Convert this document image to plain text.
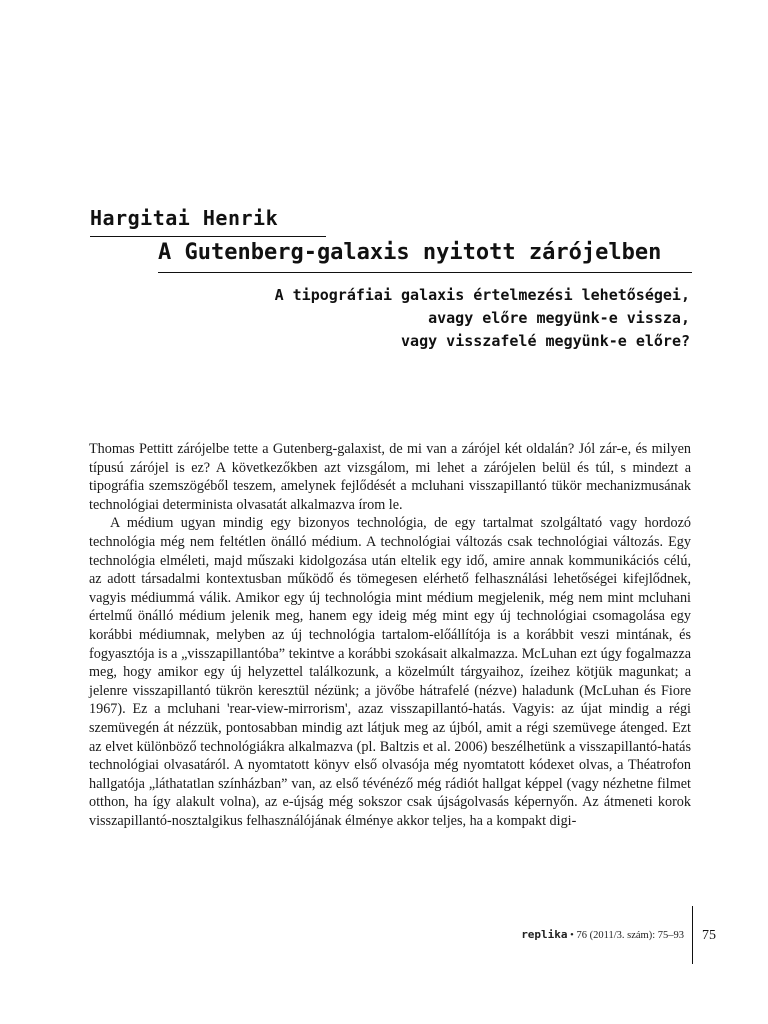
Hargitai Henrik
A Gutenberg-galaxis nyitott zárójelben
A tipográfiai galaxis értelmezési lehetőségei,
avagy előre megyünk-e vissza,
vagy visszafelé megyünk-e előre?

Thomas Pettitt zárójelbe tette a Gutenberg-galaxist, de mi van a zárójel két oldalán? Jól zár-e, és milyen típusú zárójel is ez? A következőkben azt vizsgálom, mi lehet a zárójelen belül és túl, s mindezt a tipográfia szemszögéből teszem, amelynek fejlődését a mcluhani visszapillantó tükör mechanizmusának technológiai determinista olvasatát alkalmazva írom le.

A médium ugyan mindig egy bizonyos technológia, de egy tartalmat szolgáltató vagy hordozó technológia még nem feltétlen önálló médium. A technológiai változás csak technológiai változás. Egy technológia elméleti, majd műszaki kidolgozása után eltelik egy idő, amire annak kommunikációs célú, az adott társadalmi kontextusban működő és tömegesen elérhető felhasználási lehetőségei kifejlődnek, vagyis médiummá válik. Amikor egy új technológia mint médium megjelenik, még nem mint mcluhani értelmű önálló médium jelenik meg, hanem egy ideig még mint egy új technológiai csomagolása egy korábbi médiumnak, melyben az új technológia tartalom-előállítója is a korábbit veszi mintának, és fogyasztója is a „visszapillantóba” tekintve a korábbi szokásait alkalmazza. McLuhan ezt úgy fogalmazza meg, hogy amikor egy új helyzettel találkozunk, a közelmúlt tárgyaihoz, ízeihez kötjük magunkat; a jelenre visszapillantó tükrön keresztül nézünk; a jövőbe hátrafelé (nézve) haladunk (McLuhan és Fiore 1967). Ez a mcluhani 'rear-view-mirrorism', azaz visszapillantó-hatás. Vagyis: az újat mindig a régi szemüvegén át nézzük, pontosabban mindig azt látjuk meg az újból, amit a régi szemüvege átenged. Ezt az elvet különböző technológiákra alkalmazva (pl. Baltzis et al. 2006) beszélhetünk a visszapillantó-hatás technológiai olvasatáról. A nyomtatott könyv első olvasója még nyomtatott kódexet olvas, a Théatrofon hallgatója „láthatatlan színházban” van, az első tévénéző még rádiót hallgat képpel (vagy nézhetne filmet otthon, ha így alakult volna), az e-újság még sokszor csak újságolvasás képernyőn. Az átmeneti korok visszapillantó-nosztalgikus felhasználójának élménye akkor teljes, ha a kompakt digi-

replika • 76 (2011/3. szám): 75–93 75
